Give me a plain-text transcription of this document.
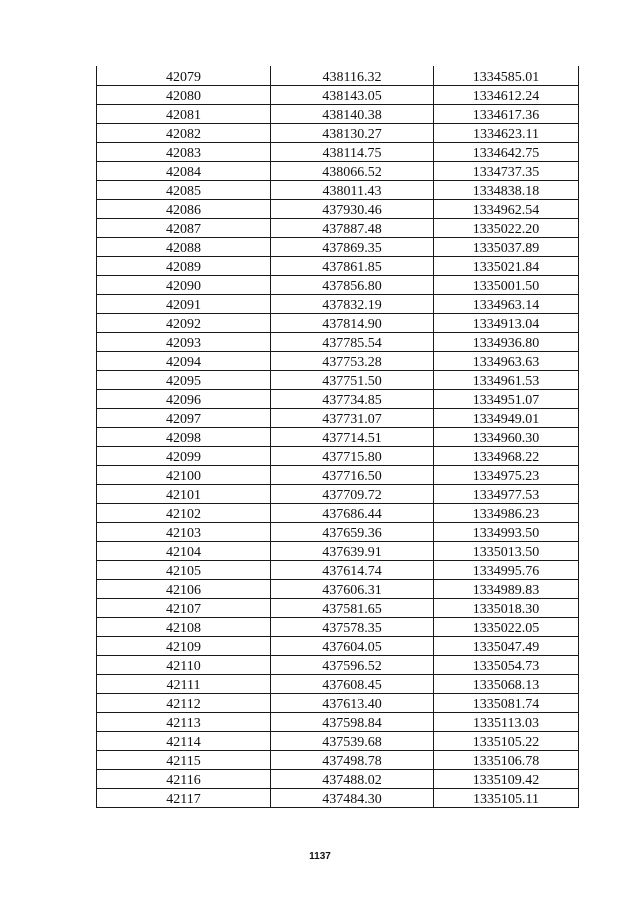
42079	438116.32	1334585.01
42080	438143.05	1334612.24
42081	438140.38	1334617.36
42082	438130.27	1334623.11
42083	438114.75	1334642.75
42084	438066.52	1334737.35
42085	438011.43	1334838.18
42086	437930.46	1334962.54
42087	437887.48	1335022.20
42088	437869.35	1335037.89
42089	437861.85	1335021.84
42090	437856.80	1335001.50
42091	437832.19	1334963.14
42092	437814.90	1334913.04
42093	437785.54	1334936.80
42094	437753.28	1334963.63
42095	437751.50	1334961.53
42096	437734.85	1334951.07
42097	437731.07	1334949.01
42098	437714.51	1334960.30
42099	437715.80	1334968.22
42100	437716.50	1334975.23
42101	437709.72	1334977.53
42102	437686.44	1334986.23
42103	437659.36	1334993.50
42104	437639.91	1335013.50
42105	437614.74	1334995.76
42106	437606.31	1334989.83
42107	437581.65	1335018.30
42108	437578.35	1335022.05
42109	437604.05	1335047.49
42110	437596.52	1335054.73
42111	437608.45	1335068.13
42112	437613.40	1335081.74
42113	437598.84	1335113.03
42114	437539.68	1335105.22
42115	437498.78	1335106.78
42116	437488.02	1335109.42
42117	437484.30	1335105.11
1137
